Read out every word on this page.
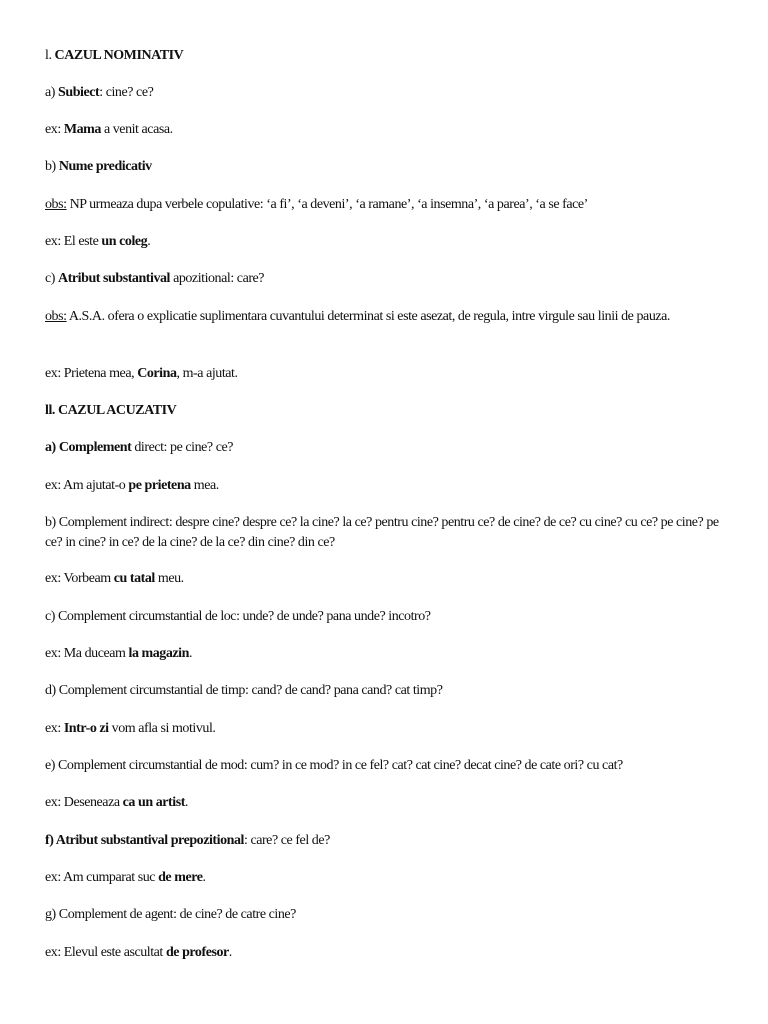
l. CAZUL NOMINATIV

a) Subiect: cine? ce?

ex: Mama a venit acasa.

b) Nume predicativ

obs: NP urmeaza dupa verbele copulative: ‘a fi’, ‘a deveni’, ‘a ramane’, ‘a insemna’, ‘a parea’, ‘a se face’

ex: El este un coleg.

c) Atribut substantival apozitional: care?

obs: A.S.A. ofera o explicatie suplimentara cuvantului determinat si este asezat, de regula, intre virgule sau linii de pauza.

ex: Prietena mea, Corina, m-a ajutat.

ll. CAZUL ACUZATIV

a) Complement direct: pe cine? ce?

ex: Am ajutat-o pe prietena mea.

b) Complement indirect: despre cine? despre ce? la cine? la ce? pentru cine? pentru ce? de cine? de ce? cu cine? cu ce? pe cine? pe ce? in cine? in ce? de la cine? de la ce? din cine? din ce?

ex: Vorbeam cu tatal meu.

c) Complement circumstantial de loc: unde? de unde? pana unde? incotro?

ex: Ma duceam la magazin.

d) Complement circumstantial de timp: cand? de cand? pana cand? cat timp?

ex: Intr-o zi vom afla si motivul.

e) Complement circumstantial de mod: cum? in ce mod? in ce fel? cat? cat cine? decat cine? de cate ori? cu cat?

ex: Deseneaza ca un artist.

f) Atribut substantival prepozitional: care? ce fel de?

ex: Am cumparat suc de mere.

g) Complement de agent: de cine? de catre cine?

ex: Elevul este ascultat de profesor.
